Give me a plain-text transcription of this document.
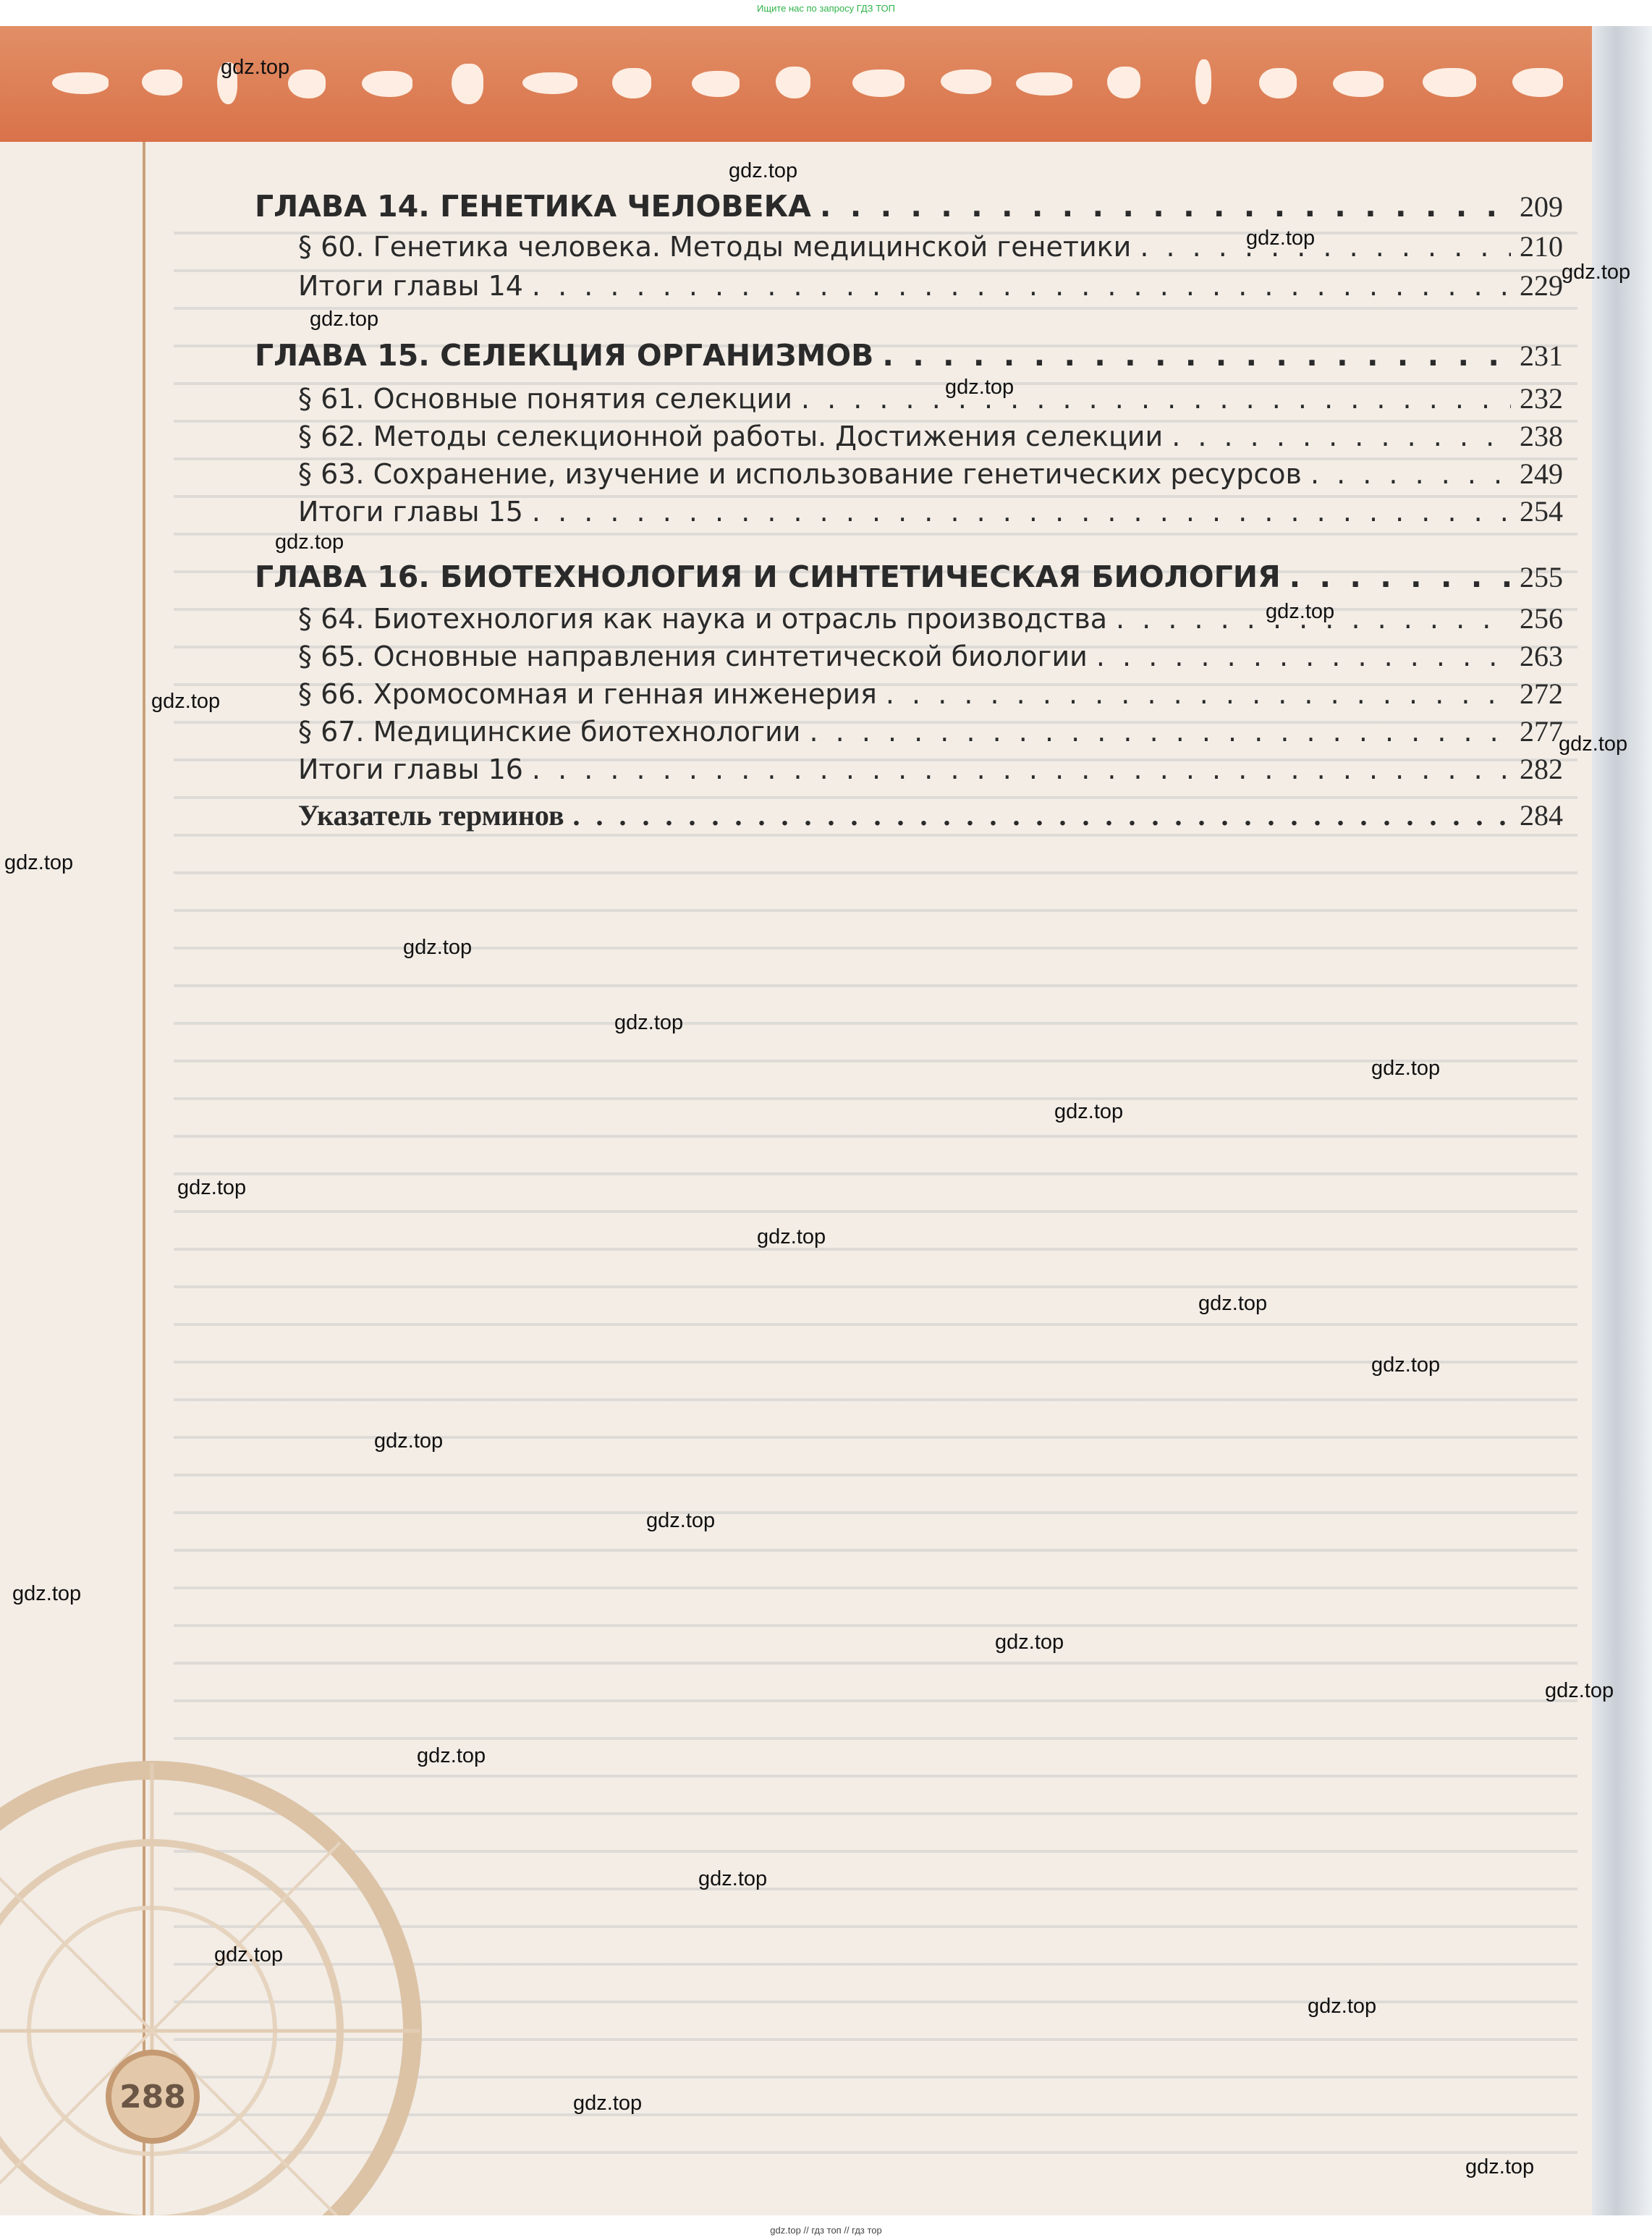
Ищите нас по запросу ГДЗ ТОП
ГЛАВА 14. ГЕНЕТИКА ЧЕЛОВЕКА . . .	209
§ 60. Генетика человека. Методы медицинской генетики . . .	210
Итоги главы 14 . . .	229
ГЛАВА 15. СЕЛЕКЦИЯ ОРГАНИЗМОВ . . .	231
§ 61. Основные понятия селекции . . .	232
§ 62. Методы селекционной работы. Достижения селекции . . .	238
§ 63. Сохранение, изучение и использование генетических ресурсов . . .	249
Итоги главы 15 . . .	254
ГЛАВА 16. БИОТЕХНОЛОГИЯ И СИНТЕТИЧЕСКАЯ БИОЛОГИЯ . . .	255
§ 64. Биотехнология как наука и отрасль производства . . .	256
§ 65. Основные направления синтетической биологии . . .	263
§ 66. Хромосомная и генная инженерия . . .	272
§ 67. Медицинские биотехнологии . . .	277
Итоги главы 16 . . .	282
Указатель терминов . . .	284
288
gdz.top
gdz.top
gdz.top
gdz.top
gdz.top
gdz.top
gdz.top
gdz.top
gdz.top
gdz.top
gdz.top
gdz.top
gdz.top
gdz.top
gdz.top
gdz.top
gdz.top
gdz.top
gdz.top
gdz.top
gdz.top
gdz.top
gdz.top
gdz.top
gdz.top
gdz.top
gdz.top
gdz.top
gdz.top
gdz.top
gdz.top // гдз топ // гдз тор
